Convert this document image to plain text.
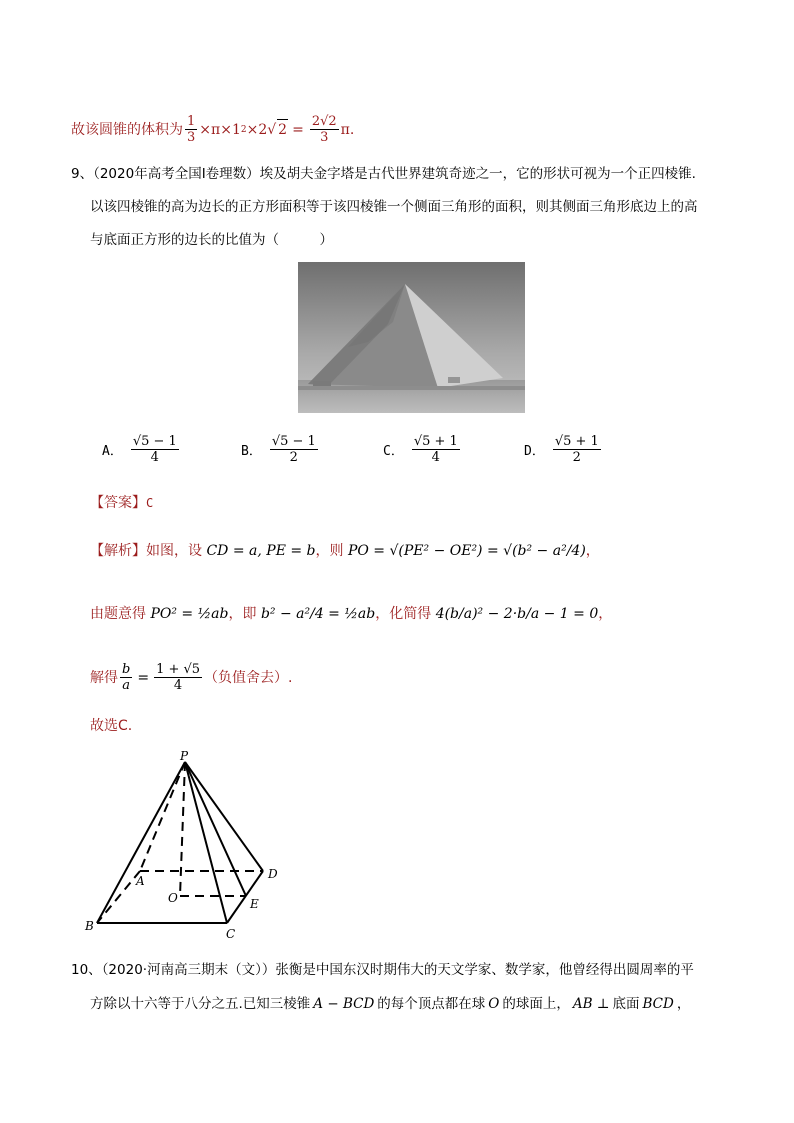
故该圆锥的体积为 $\frac{1}{3} \times\pi\times 1$ 2 ×2 √ $2 = \frac{2√2}{3} \pi$.
9、（2020年高考全国Ⅰ卷理数）埃及胡夫金字塔是古代世界建筑奇迹之一，它的形状可视为一个正四棱锥.
以该四棱锥的高为边长的正方形面积等于该四棱锥一个侧面三角形的面积，则其侧面三角形底边上的高
与底面正方形的边长的比值为（　　　）
A． $\frac{√5 - 1}{4}$	B． $\frac{√5 - 1}{2}$	C． $\frac{√5 + 1}{4}$	D． $\frac{√5 + 1}{2}$
【答案】C
【解析】如图，设 CD = a, PE = b，则 PO = √(PE² − OE²) = √(b² − a²/4)，
由题意得 PO² = ½ab，即 b² − a²/4 = ½ab，化简得 4(b/a)² − 2·b/a − 1 = 0，
解得 $\frac{b}{a} = \frac{1 + √5}{4}$ （负值舍去）.
故选C.
P
A	D
O	E
B
C
10、（2020·河南高三期末（文））张衡是中国东汉时期伟大的天文学家、数学家，他曾经得出圆周率的平
方除以十六等于八分之五.已知三棱锥 A − BCD 的每个顶点都在球 O 的球面上， AB ⊥ 底面 BCD ，
